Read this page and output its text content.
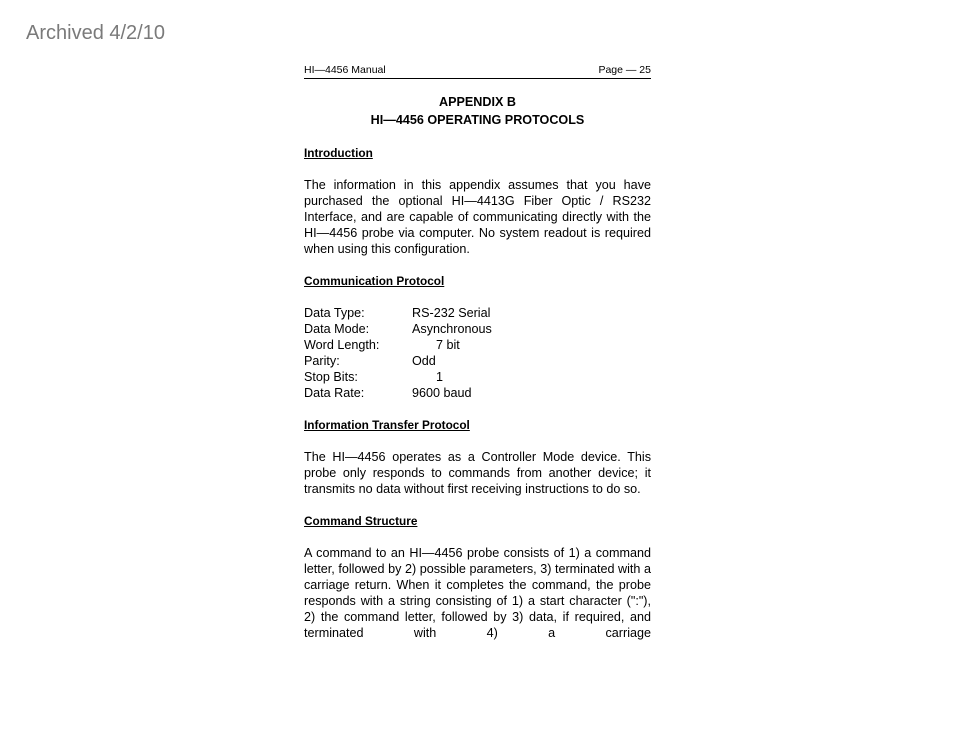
Archived 4/2/10
HI—4456 Manual	Page — 25
APPENDIX B
HI—4456 OPERATING PROTOCOLS
Introduction
The information in this appendix assumes that you have purchased the optional HI—4413G Fiber Optic / RS232 Interface, and are capable of communicating directly with the HI—4456 probe via computer. No system readout is required when using this configuration.
Communication Protocol
Data Type:	RS-232 Serial
Data Mode:	Asynchronous
Word Length:	7 bit
Parity:	Odd
Stop Bits:	1
Data Rate:	9600 baud
Information Transfer Protocol
The HI—4456 operates as a Controller Mode device. This probe only responds to commands from another device; it transmits no data without first receiving instructions to do so.
Command Structure
A command to an HI—4456 probe consists of 1) a command letter, followed by 2) possible parameters, 3) terminated with a carriage return. When it completes the command, the probe responds with a string consisting of 1) a start character (":"), 2) the command letter, followed by 3) data, if required, and terminated with 4) a carriage
